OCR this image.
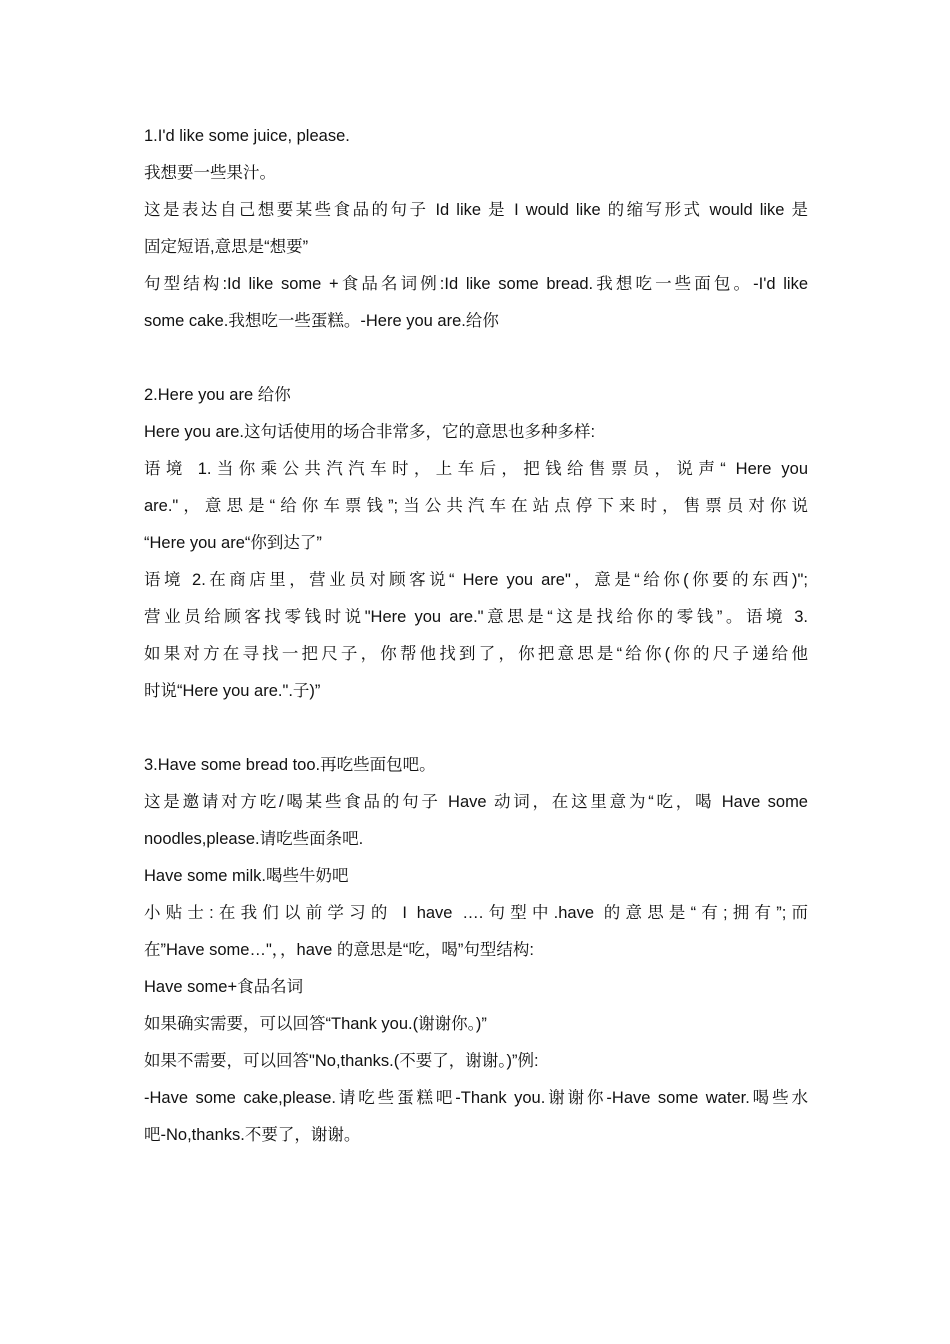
1.I'd like some juice, please.
我想要一些果汁。
这是表达自己想要某些食品的句子 Id like 是 I would like 的缩写形式 would like 是
固定短语,意思是“想要”
句型结构:Id like some +食品名词例:Id like some bread.我想吃一些面包。-I'd like
some cake.我想吃一些蛋糕。-Here you are.给你
2.Here you are 给你
Here you are.这句话使用的场合非常多，它的意思也多种多样:
语境 1.当你乘公共汽汽车时，上车后，把钱给售票员，说声“ Here you
are."，意思是“给你车票钱”;当公共汽车在站点停下来时，售票员对你说
“Here you are“你到达了”
语境 2.在商店里，营业员对顾客说“ Here you are"，意是“给你(你要的东西)";
营业员给顾客找零钱时说"Here you are."意思是“这是找给你的零钱”。语境 3.
如果对方在寻找一把尺子，你帮他找到了，你把意思是“给你(你的尺子递给他
时说“Here you are.".子)”
3.Have some bread too.再吃些面包吧。
这是邀请对方吃/喝某些食品的句子 Have 动词，在这里意为“吃，喝 Have some
noodles,please.请吃些面条吧.
Have some milk.喝些牛奶吧
小贴士:在我们以前学习的 I have ….句型中.have 的意思是“有;拥有”;而
在”Have some…"，，have 的意思是“吃，喝”句型结构:
Have some+食品名词
如果确实需要，可以回答“Thank you.(谢谢你。)”
如果不需要，可以回答"No,thanks.(不要了，谢谢。)”例:
-Have some cake,please.请吃些蛋糕吧-Thank you.谢谢你-Have some water.喝些水
吧-No,thanks.不要了，谢谢。
